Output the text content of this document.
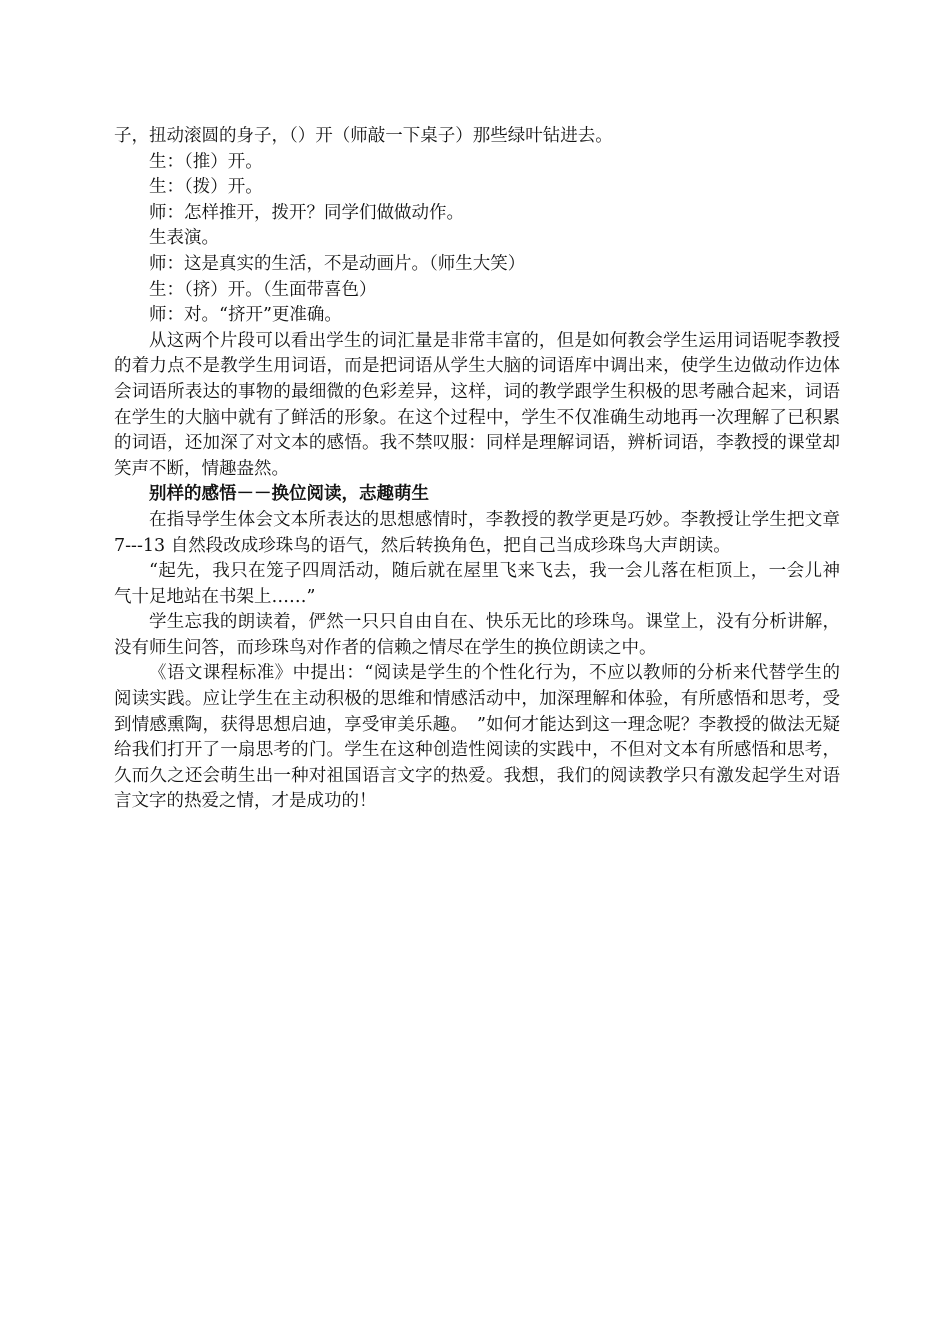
子，扭动滚圆的身子，（）开（师敲一下桌子）那些绿叶钻进去。

生：（推）开。

生：（拨）开。

师：怎样推开，拨开？同学们做做动作。

生表演。

师：这是真实的生活，不是动画片。（师生大笑）

生：（挤）开。（生面带喜色）

师：对。“挤开”更准确。

从这两个片段可以看出学生的词汇量是非常丰富的，但是如何教会学生运用词语呢李教授的着力点不是教学生用词语，而是把词语从学生大脑的词语库中调出来，使学生边做动作边体会词语所表达的事物的最细微的色彩差异，这样，词的教学跟学生积极的思考融合起来，词语在学生的大脑中就有了鲜活的形象。在这个过程中，学生不仅准确生动地再一次理解了已积累的词语，还加深了对文本的感悟。我不禁叹服：同样是理解词语，辨析词语，李教授的课堂却笑声不断，情趣盎然。

别样的感悟－－换位阅读，志趣萌生

在指导学生体会文本所表达的思想感情时，李教授的教学更是巧妙。李教授让学生把文章 7---13 自然段改成珍珠鸟的语气，然后转换角色，把自己当成珍珠鸟大声朗读。

“起先，我只在笼子四周活动，随后就在屋里飞来飞去，我一会儿落在柜顶上，一会儿神气十足地站在书架上……”

学生忘我的朗读着，俨然一只只自由自在、快乐无比的珍珠鸟。课堂上，没有分析讲解，没有师生问答，而珍珠鸟对作者的信赖之情尽在学生的换位朗读之中。

《语文课程标准》中提出：“阅读是学生的个性化行为，不应以教师的分析来代替学生的阅读实践。应让学生在主动积极的思维和情感活动中，加深理解和体验，有所感悟和思考，受到情感熏陶，获得思想启迪，享受审美乐趣。　”如何才能达到这一理念呢？李教授的做法无疑给我们打开了一扇思考的门。学生在这种创造性阅读的实践中，不但对文本有所感悟和思考，久而久之还会萌生出一种对祖国语言文字的热爱。我想，我们的阅读教学只有激发起学生对语言文字的热爱之情，才是成功的！
